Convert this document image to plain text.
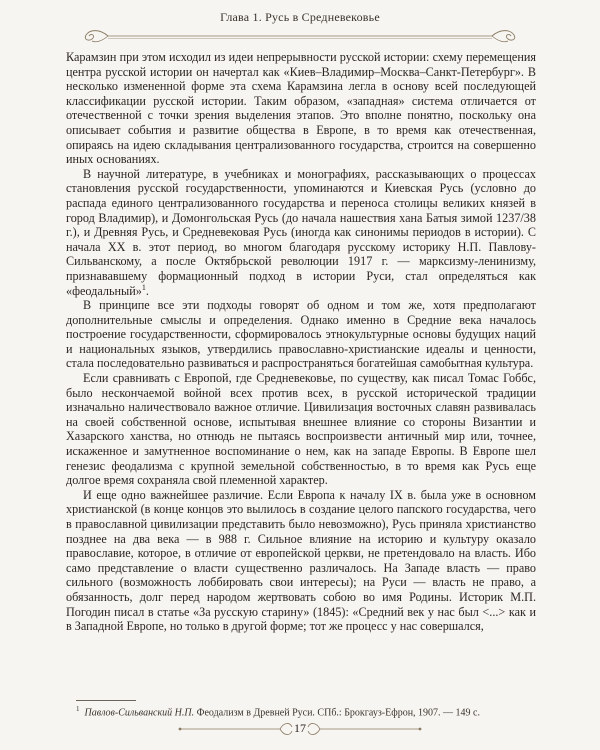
Глава 1. Русь в Средневековье

Карамзин при этом исходил из идеи непрерывности русской истории: схему перемещения центра русской истории он начертал как «Киев–Владимир–Москва–Санкт-Петербург». В несколько измененной форме эта схема Карамзина легла в основу всей последующей классификации русской истории. Таким образом, «западная» система отличается от отечественной с точки зрения выделения этапов. Это вполне понятно, поскольку она описывает события и развитие общества в Европе, в то время как отечественная, опираясь на идею складывания централизованного государства, строится на совершенно иных основаниях.

В научной литературе, в учебниках и монографиях, рассказывающих о процессах становления русской государственности, упоминаются и Киевская Русь (условно до распада единого централизованного государства и переноса столицы великих князей в город Владимир), и Домонгольская Русь (до начала нашествия хана Батыя зимой 1237/38 г.), и Древняя Русь, и Средневековая Русь (иногда как синонимы периодов в истории). С начала XX в. этот период, во многом благодаря русскому историку Н.П. Павлову-Сильванскому, а после Октябрьской революции 1917 г. — марксизму-ленинизму, признававшему формационный подход в истории Руси, стал определяться как «феодальный»$^1$.

В принципе все эти подходы говорят об одном и том же, хотя предполагают дополнительные смыслы и определения. Однако именно в Средние века началось построение государственности, сформировалось этнокультурные основы будущих наций и национальных языков, утвердились православно-христианские идеалы и ценности, стала последовательно развиваться и распространяться богатейшая самобытная культура.

Если сравнивать с Европой, где Средневековье, по существу, как писал Томас Гоббс, было нескончаемой войной всех против всех, в русской исторической традиции изначально наличествовало важное отличие. Цивилизация восточных славян развивалась на своей собственной основе, испытывая внешнее влияние со стороны Византии и Хазарского ханства, но отнюдь не пытаясь воспроизвести античный мир или, точнее, искаженное и замутненное воспоминание о нем, как на западе Европы. В Европе шел генезис феодализма с крупной земельной собственностью, в то время как Русь еще долгое время сохраняла свой племенной характер.

И еще одно важнейшее различие. Если Европа к началу IX в. была уже в основном христианской (в конце концов это вылилось в создание целого папского государства, чего в православной цивилизации представить было невозможно), Русь приняла христианство позднее на два века — в 988 г. Сильное влияние на историю и культуру оказало православие, которое, в отличие от европейской церкви, не претендовало на власть. Ибо само представление о власти существенно различалось. На Западе власть — право сильного (возможность лоббировать свои интересы); на Руси — власть не право, а обязанность, долг перед народом жертвовать собою во имя Родины. Историк М.П. Погодин писал в статье «За русскую старину» (1845): «Средний век у нас был <...> как и в Западной Европе, но только в другой форме; тот же процесс у нас совершался,

$^1$ Павлов-Сильванский Н.П. Феодализм в Древней Руси. СПб.: Брокгауз-Ефрон, 1907. — 149 с.
17
